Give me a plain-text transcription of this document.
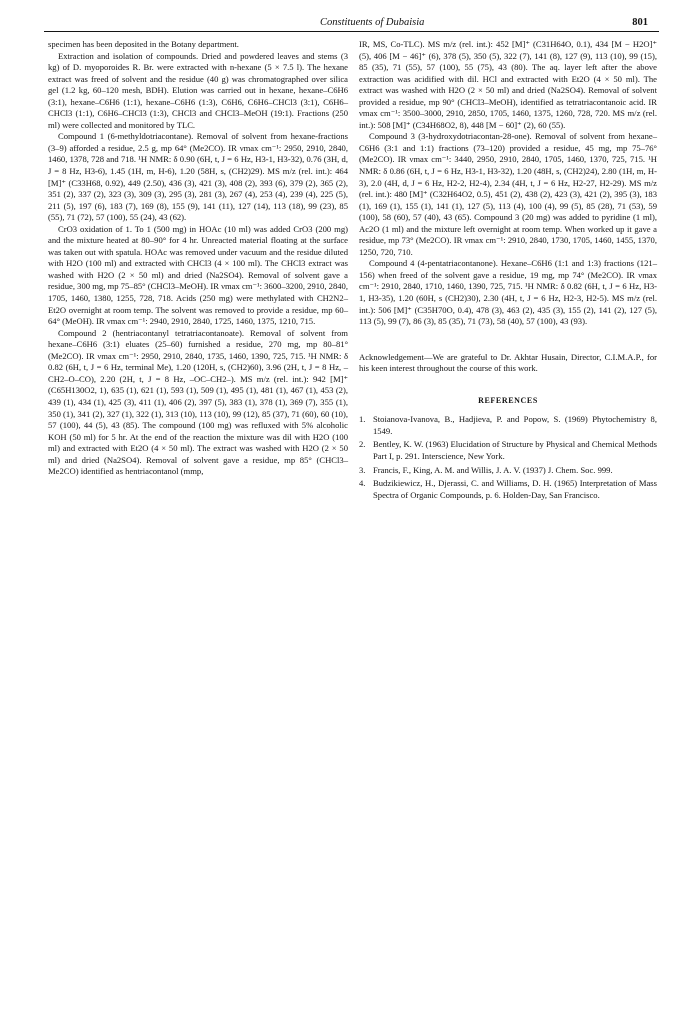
Constituents of Dubaisia	801

specimen has been deposited in the Botany department.

Extraction and isolation of compounds. Dried and powdered leaves and stems (3 kg) of D. myoporoides R. Br. were extracted with n-hexane (5 × 7.5 l). The hexane extract was freed of solvent and the residue (40 g) was chromatographed over silica gel (1.2 kg, 60–120 mesh, BDH). Elution was carried out in hexane, hexane–C6H6 (3:1), hexane–C6H6 (1:1), hexane–C6H6 (1:3), C6H6, C6H6–CHCl3 (3:1), C6H6–CHCl3 (1:1), C6H6–CHCl3 (1:3), CHCl3 and CHCl3–MeOH (19:1). Fractions (250 ml) were collected and monitored by TLC.

Compound 1 (6-methyldotriacontane). Removal of solvent from hexane-fractions (3–9) afforded a residue, 2.5 g, mp 64° (Me2CO). IR νmax cm⁻¹: 2950, 2910, 2840, 1460, 1378, 728 and 718. ¹H NMR: δ 0.90 (6H, t, J = 6 Hz, H3-1, H3-32), 0.76 (3H, d, J = 8 Hz, H3-6), 1.45 (1H, m, H-6), 1.20 (58H, s, (CH2)29). MS m/z (rel. int.): 464 [M]⁺ (C33H68, 0.92), 449 (2.50), 436 (3), 421 (3), 408 (2), 393 (6), 379 (2), 365 (2), 351 (2), 337 (2), 323 (3), 309 (3), 295 (3), 281 (3), 267 (4), 253 (4), 239 (4), 225 (5), 211 (5), 197 (6), 183 (7), 169 (8), 155 (9), 141 (11), 127 (14), 113 (18), 99 (23), 85 (55), 71 (72), 57 (100), 55 (24), 43 (62).

CrO3 oxidation of 1. To 1 (500 mg) in HOAc (10 ml) was added CrO3 (200 mg) and the mixture heated at 80–90° for 4 hr. Unreacted material floating at the surface was taken out with spatula. HOAc was removed under vacuum and the residue diluted with H2O (100 ml) and extracted with CHCl3 (4 × 100 ml). The CHCl3 extract was washed with H2O (2 × 50 ml) and dried (Na2SO4). Removal of solvent gave a residue, 300 mg, mp 75–85° (CHCl3–MeOH). IR νmax cm⁻¹: 3600–3200, 2910, 2840, 1705, 1460, 1380, 1255, 728, 718. Acids (250 mg) were methylated with CH2N2–Et2O overnight at room temp. The solvent was removed to provide a residue, mp 60–64° (MeOH). IR νmax cm⁻¹: 2940, 2910, 2840, 1725, 1460, 1375, 1210, 715.

Compound 2 (hentriacontanyl tetratriacontanoate). Removal of solvent from hexane–C6H6 (3:1) eluates (25–60) furnished a residue, 270 mg, mp 80–81° (Me2CO). IR νmax cm⁻¹: 2950, 2910, 2840, 1735, 1460, 1390, 725, 715. ¹H NMR: δ 0.82 (6H, t, J = 6 Hz, terminal Me), 1.20 (120H, s, (CH2)60), 3.96 (2H, t, J = 8 Hz, –CH2–O–CO), 2.20 (2H, t, J = 8 Hz, –OC–CH2–). MS m/z (rel. int.): 942 [M]⁺ (C65H130O2, 1), 635 (1), 621 (1), 593 (1), 509 (1), 495 (1), 481 (1), 467 (1), 453 (2), 439 (1), 434 (1), 425 (3), 411 (1), 406 (2), 397 (5), 383 (1), 378 (1), 369 (7), 355 (1), 350 (1), 341 (2), 327 (1), 322 (1), 313 (10), 113 (10), 99 (12), 85 (37), 71 (60), 60 (10), 57 (100), 44 (5), 43 (85). The compound (100 mg) was refluxed with 5% alcoholic KOH (50 ml) for 5 hr. At the end of the reaction the mixture was dil with H2O (100 ml) and extracted with Et2O (4 × 50 ml). The extract was washed with H2O (2 × 50 ml) and dried (Na2SO4). Removal of solvent gave a residue, mp 85° (CHCl3–Me2CO) identified as hentriacontanol (mmp,

IR, MS, Co-TLC). MS m/z (rel. int.): 452 [M]⁺ (C31H64O, 0.1), 434 [M − H2O]⁺ (5), 406 [M − 46]⁺ (6), 378 (5), 350 (5), 322 (7), 141 (8), 127 (9), 113 (10), 99 (15), 85 (35), 71 (55), 57 (100), 55 (75), 43 (80). The aq. layer left after the above extraction was acidified with dil. HCl and extracted with Et2O (4 × 50 ml). The extract was washed with H2O (2 × 50 ml) and dried (Na2SO4). Removal of solvent provided a residue, mp 90° (CHCl3–MeOH), identified as tetratriacontanoic acid. IR νmax cm⁻¹: 3500–3000, 2910, 2850, 1705, 1460, 1375, 1260, 728, 720. MS m/z (rel. int.): 508 [M]⁺ (C34H68O2, 8), 448 [M − 60]⁺ (2), 60 (55).

Compound 3 (3-hydroxydotriacontan-28-one). Removal of solvent from hexane–C6H6 (3:1 and 1:1) fractions (73–120) provided a residue, 45 mg, mp 75–76° (Me2CO). IR νmax cm⁻¹: 3440, 2950, 2910, 2840, 1705, 1460, 1370, 725, 715. ¹H NMR: δ 0.86 (6H, t, J = 6 Hz, H3-1, H3-32), 1.20 (48H, s, (CH2)24), 2.80 (1H, m, H-3), 2.0 (4H, d, J = 6 Hz, H2-2, H2-4), 2.34 (4H, t, J = 6 Hz, H2-27, H2-29). MS m/z (rel. int.): 480 [M]⁺ (C32H64O2, 0.5), 451 (2), 438 (2), 423 (3), 421 (2), 395 (3), 183 (1), 169 (1), 155 (1), 141 (1), 127 (5), 113 (4), 100 (4), 99 (5), 85 (28), 71 (53), 59 (100), 58 (60), 57 (40), 43 (65). Compound 3 (20 mg) was added to pyridine (1 ml), Ac2O (1 ml) and the mixture left overnight at room temp. When worked up it gave a residue, mp 73° (Me2CO). IR νmax cm⁻¹: 2910, 2840, 1730, 1705, 1460, 1455, 1370, 1250, 720, 710.

Compound 4 (4-pentatriacontanone). Hexane–C6H6 (1:1 and 1:3) fractions (121–156) when freed of the solvent gave a residue, 19 mg, mp 74° (Me2CO). IR νmax cm⁻¹: 2910, 2840, 1710, 1460, 1390, 725, 715. ¹H NMR: δ 0.82 (6H, t, J = 6 Hz, H3-1, H3-35), 1.20 (60H, s (CH2)30), 2.30 (4H, t, J = 6 Hz, H2-3, H2-5). MS m/z (rel. int.): 506 [M]⁺ (C35H70O, 0.4), 478 (3), 463 (2), 435 (3), 155 (2), 141 (2), 127 (5), 113 (5), 99 (7), 86 (3), 85 (35), 71 (73), 58 (40), 57 (100), 43 (93).

Acknowledgement—We are grateful to Dr. Akhtar Husain, Director, C.I.M.A.P., for his keen interest throughout the course of this work.

REFERENCES
1. Stoianova-Ivanova, B., Hadjieva, P. and Popow, S. (1969) Phytochemistry 8, 1549.
2. Bentley, K. W. (1963) Elucidation of Structure by Physical and Chemical Methods Part I, p. 291. Interscience, New York.
3. Francis, F., King, A. M. and Willis, J. A. V. (1937) J. Chem. Soc. 999.
4. Budzikiewicz, H., Djerassi, C. and Williams, D. H. (1965) Interpretation of Mass Spectra of Organic Compounds, p. 6. Holden-Day, San Francisco.
